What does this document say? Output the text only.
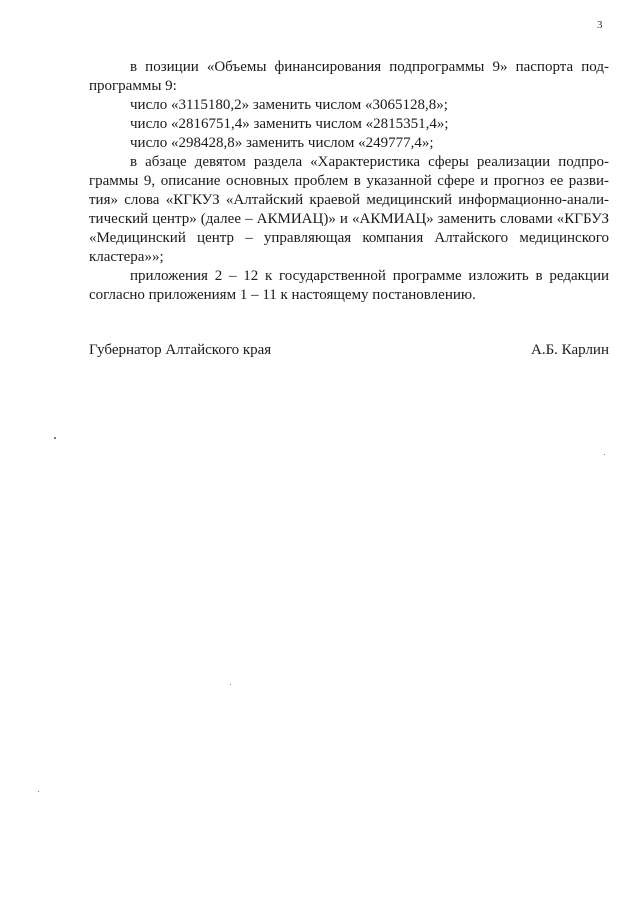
3

в позиции «Объемы финансирования подпрограммы 9» паспорта подпрограммы 9:

число «3115180,2» заменить числом «3065128,8»;

число «2816751,4» заменить числом «2815351,4»;

число «298428,8» заменить числом «249777,4»;

в абзаце девятом раздела «Характеристика сферы реализации подпрограммы 9, описание основных проблем в указанной сфере и прогноз ее развития» слова «КГКУЗ «Алтайский краевой медицинский информационно-аналитический центр» (далее – АКМИАЦ)» и «АКМИАЦ» заменить словами «КГБУЗ «Медицинский центр – управляющая компания Алтайского медицинского кластера»»;

приложения 2 – 12 к государственной программе изложить в редакции согласно приложениям 1 – 11 к настоящему постановлению.

Губернатор Алтайского края	А.Б. Карлин
